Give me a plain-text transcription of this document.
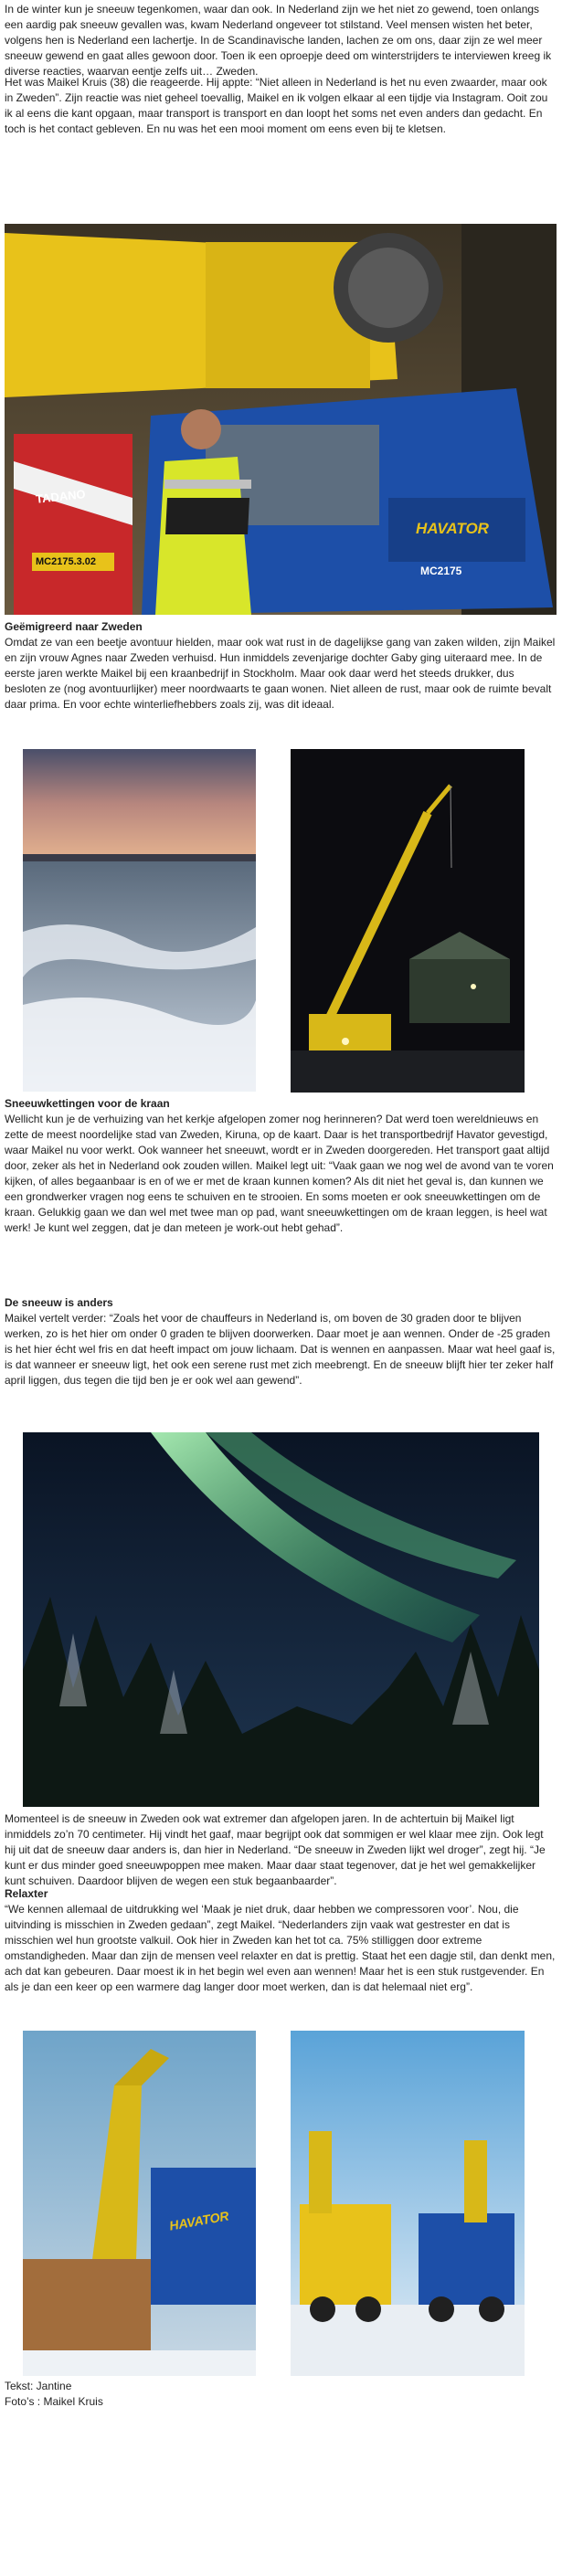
In de winter kun je sneeuw tegenkomen, waar dan ook. In Nederland zijn we het niet zo gewend, toen onlangs een aardig pak sneeuw gevallen was, kwam Nederland ongeveer tot stilstand. Veel mensen wisten het beter, volgens hen is Nederland een lachertje. In de Scandinavische landen, lachen ze om ons, daar zijn ze wel meer sneeuw gewend en gaat alles gewoon door. Toen ik een oproepje deed om winterstrijders te interviewen kreeg ik diverse reacties, waarvan eentje zelfs uit… Zweden.

Het was Maikel Kruis (38) die reageerde. Hij appte: “Niet alleen in Nederland is het nu even zwaarder, maar ook in Zweden”. Zijn reactie was niet geheel toevallig, Maikel en ik volgen elkaar al een tijdje via Instagram. Ooit zou ik al eens die kant opgaan, maar transport is transport en dan loopt het soms net even anders dan gedacht. En toch is het contact gebleven. En nu was het een mooi moment om eens even bij te kletsen.

TADANO
MC2175.3.02
HAVATOR
MC2175

Geëmigreerd naar Zweden

Omdat ze van een beetje avontuur hielden, maar ook wat rust in de dagelijkse gang van zaken wilden, zijn Maikel en zijn vrouw Agnes naar Zweden verhuisd. Hun inmiddels zevenjarige dochter Gaby ging uiteraard mee. In de eerste jaren werkte Maikel bij een kraanbedrijf in Stockholm. Maar ook daar werd het steeds drukker, dus besloten ze (nog avontuurlijker) meer noordwaarts te gaan wonen. Niet alleen de rust, maar ook de ruimte bevalt daar prima. En voor echte winterliefhebbers zoals zij, was dit ideaal.

Sneeuwkettingen voor de kraan

Wellicht kun je de verhuizing van het kerkje afgelopen zomer nog herinneren? Dat werd toen wereldnieuws en zette de meest noordelijke stad van Zweden, Kiruna, op de kaart. Daar is het transportbedrijf Havator gevestigd, waar Maikel nu voor werkt. Ook wanneer het sneeuwt, wordt er in Zweden doorgereden. Het transport gaat altijd door, zeker als het in Nederland ook zouden willen. Maikel legt uit: “Vaak gaan we nog wel de avond van te voren kijken, of alles begaanbaar is en of we er met de kraan kunnen komen? Als dit niet het geval is, dan kunnen we een grondwerker vragen nog eens te schuiven en te strooien. En soms moeten er ook sneeuwkettingen om de kraan. Gelukkig gaan we dan wel met twee man op pad, want sneeuwkettingen om de kraan leggen, is heel wat werk! Je kunt wel zeggen, dat je dan meteen je work-out hebt gehad”.

De sneeuw is anders

Maikel vertelt verder: “Zoals het voor de chauffeurs in Nederland is, om boven de 30 graden door te blijven werken, zo is het hier om onder 0 graden te blijven doorwerken. Daar moet je aan wennen. Onder de -25 graden is het hier écht wel fris en dat heeft impact om jouw lichaam. Dat is wennen en aanpassen. Maar wat heel gaaf is, is dat wanneer er sneeuw ligt, het ook een serene rust met zich meebrengt. En de sneeuw blijft hier ter zeker half april liggen, dus tegen die tijd ben je er ook wel aan gewend”.

Momenteel is de sneeuw in Zweden ook wat extremer dan afgelopen jaren. In de achtertuin bij Maikel ligt inmiddels zo’n 70 centimeter. Hij vindt het gaaf, maar begrijpt ook dat sommigen er wel klaar mee zijn. Ook legt hij uit dat de sneeuw daar anders is, dan hier in Nederland. “De sneeuw in Zweden lijkt wel droger”, zegt hij. “Je kunt er dus minder goed sneeuwpoppen mee maken. Maar daar staat tegenover, dat je het wel gemakkelijker kunt schuiven. Daardoor blijven de wegen een stuk begaanbaarder”.

Relaxter

“We kennen allemaal de uitdrukking wel ‘Maak je niet druk, daar hebben we compressoren voor’. Nou, die uitvinding is misschien in Zweden gedaan”, zegt Maikel. “Nederlanders zijn vaak wat gestrester en dat is misschien wel hun grootste valkuil. Ook hier in Zweden kan het tot ca. 75% stilliggen door extreme omstandigheden. Maar dan zijn de mensen veel relaxter en dat is prettig. Staat het een dagje stil, dan denkt men, ach dat kan gebeuren. Daar moest ik in het begin wel even aan wennen! Maar het is een stuk rustgevender. En als je dan een keer op een warmere dag langer door moet werken, dan is dat helemaal niet erg”.

HAVATOR

Tekst: Jantine

Foto’s : Maikel Kruis
